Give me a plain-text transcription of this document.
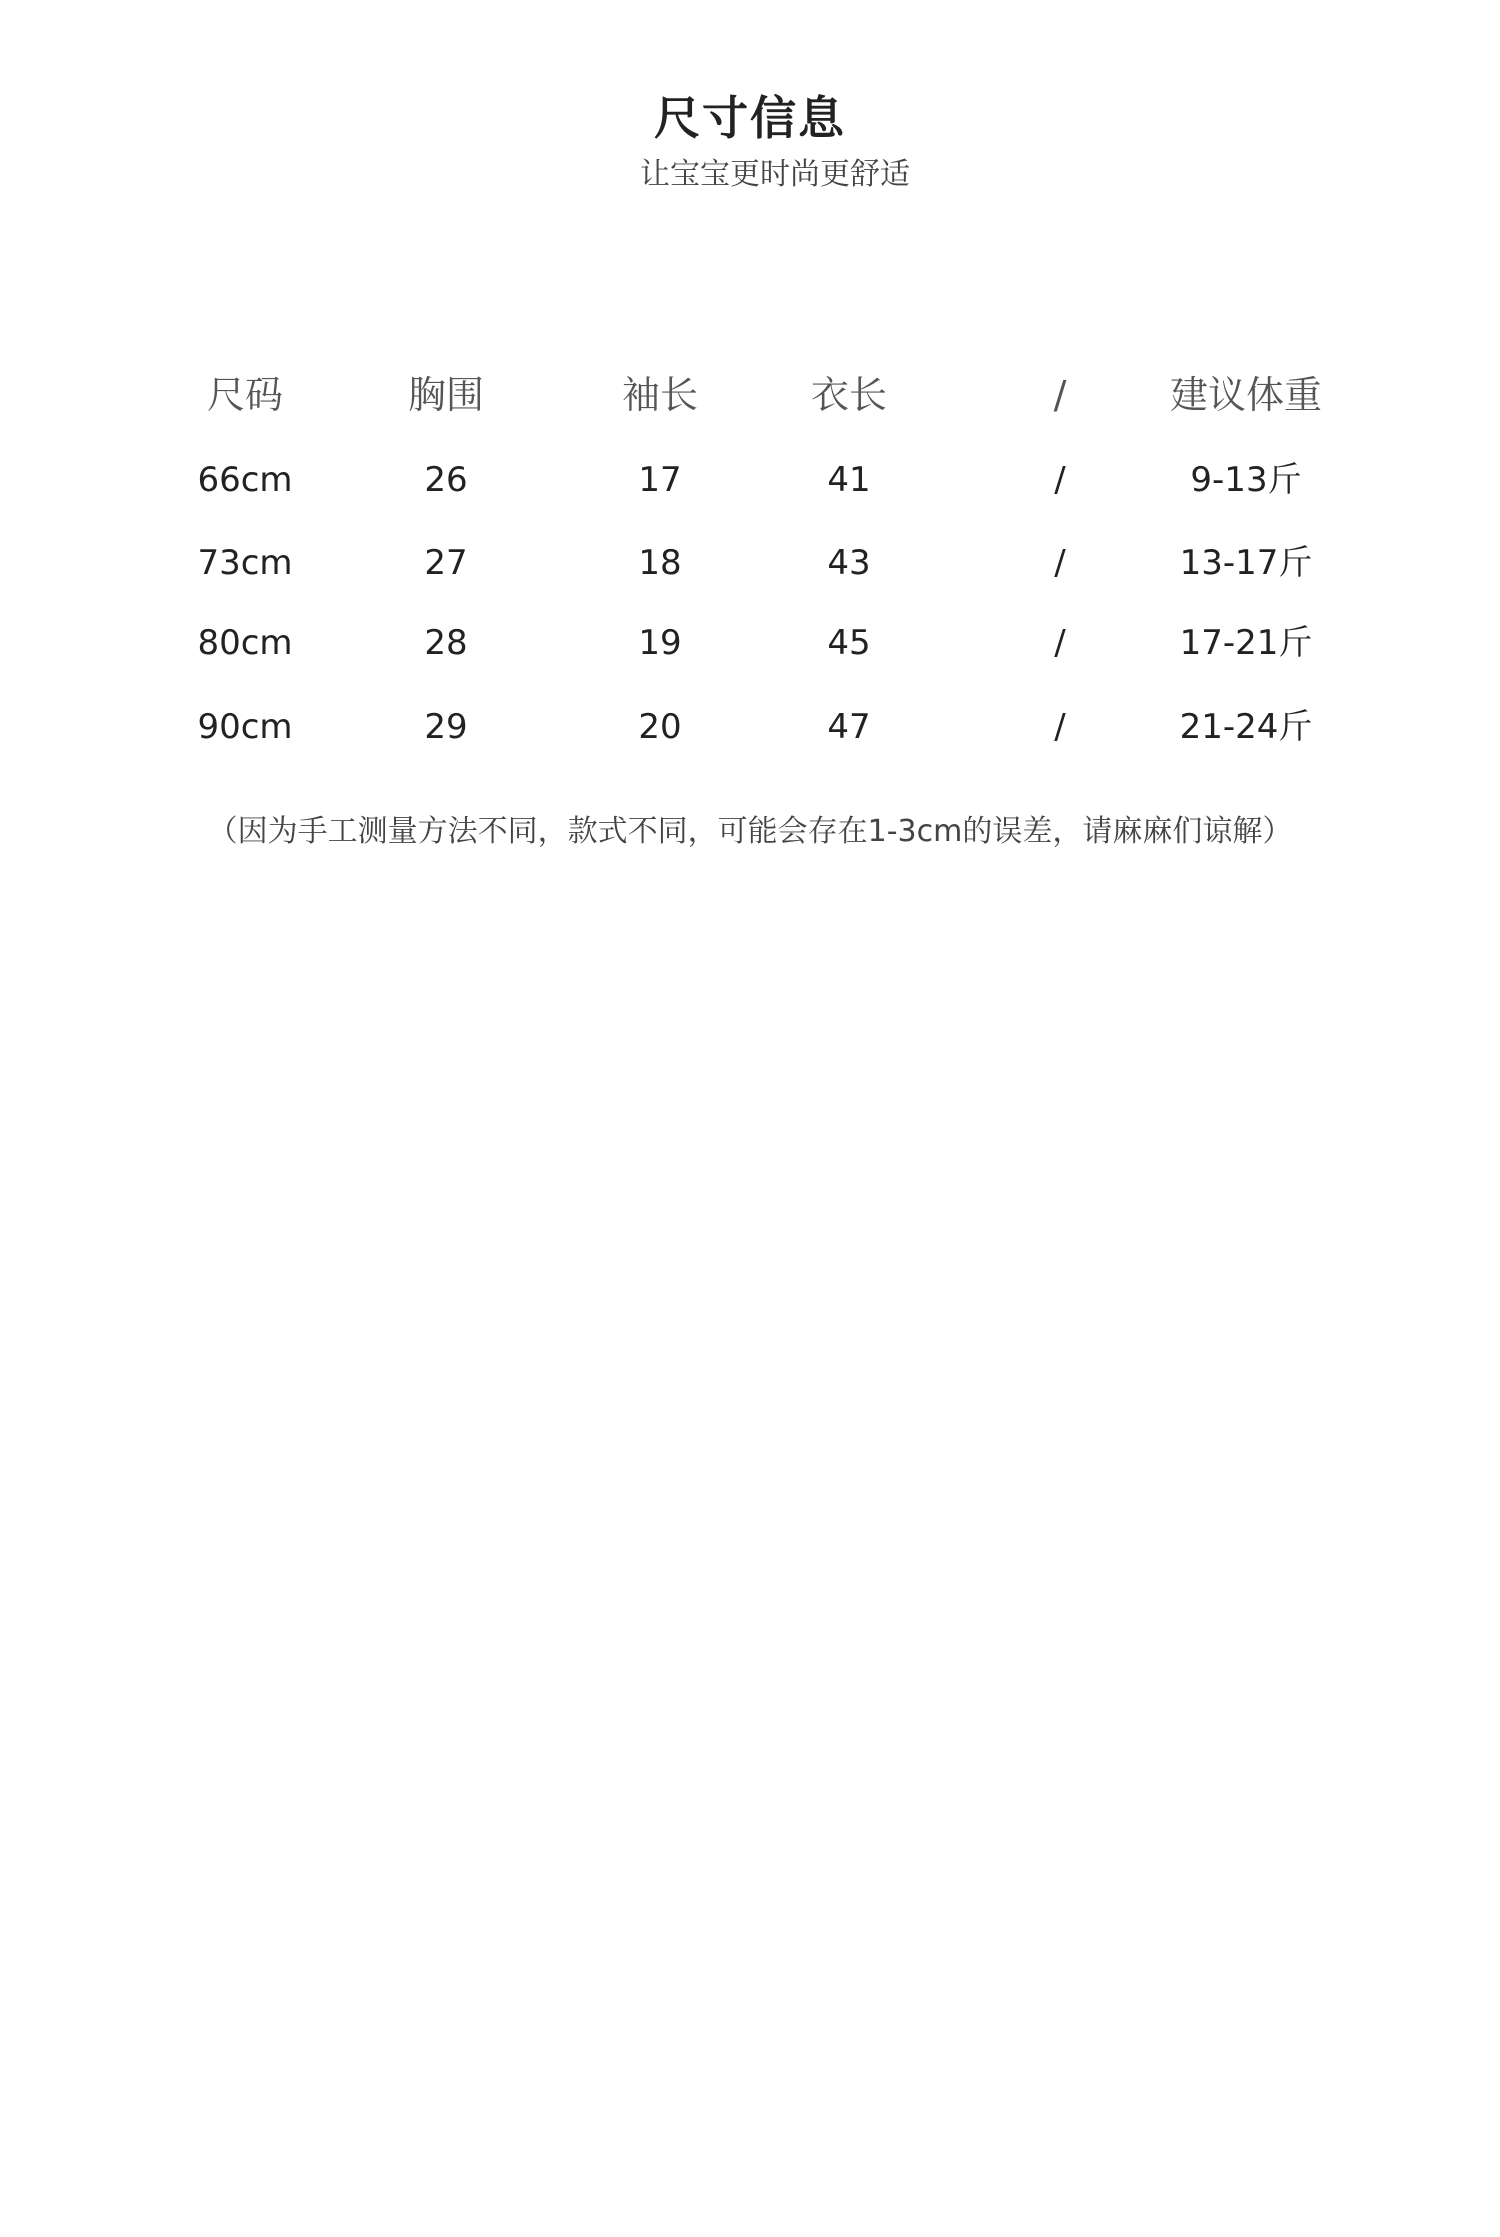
尺寸信息
让宝宝更时尚更舒适
尺码	胸围	袖长	衣长	/	建议体重
66cm	26	17	41	/	9-13斤
73cm	27	18	43	/	13-17斤
80cm	28	19	45	/	17-21斤
90cm	29	20	47	/	21-24斤
（因为手工测量方法不同，款式不同，可能会存在1-3cm的误差，请麻麻们谅解）
